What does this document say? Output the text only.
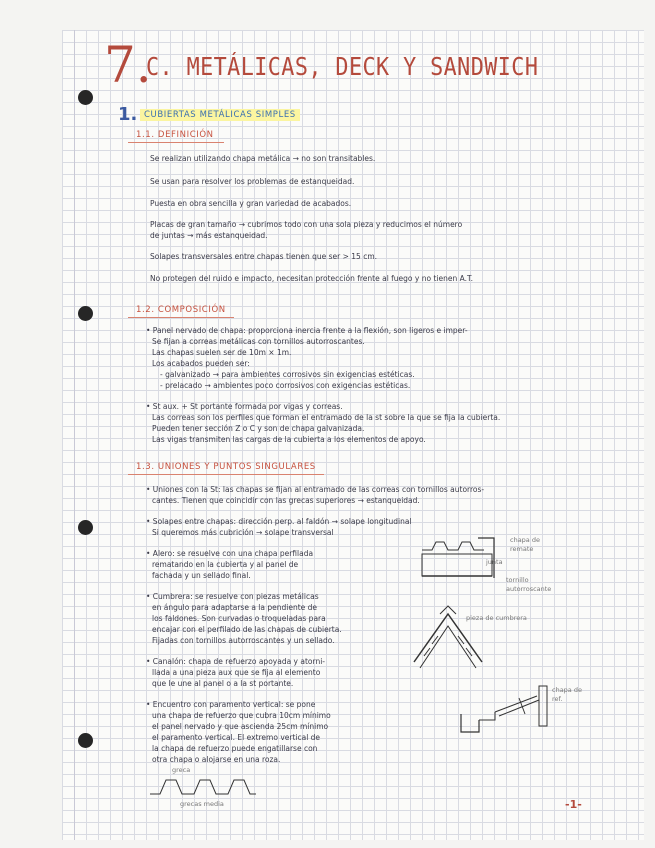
7.
C. METÁLICAS, DECK Y SANDWICH
1. CUBIERTAS METÁLICAS SIMPLES
1.1. DEFINICIÓN
Se realizan utilizando chapa metálica → no son transitables.
Se usan para resolver los problemas de estanqueidad.
Puesta en obra sencilla y gran variedad de acabados.
Placas de gran tamaño → cubrimos todo con una sola pieza y reducimos el número
de juntas → más estanqueidad.
Solapes transversales entre chapas tienen que ser > 15 cm.
No protegen del ruido e impacto, necesitan protección frente al fuego y no tienen A.T.
1.2. COMPOSICIÓN
• Panel nervado de chapa: proporciona inercia frente a la flexión, son ligeros e imper-
Se fijan a correas metálicas con tornillos autorroscantes.
Las chapas suelen ser de 10m × 1m.
Los acabados pueden ser:
- galvanizado → para ambientes corrosivos sin exigencias estéticas.
- prelacado → ambientes poco corrosivos con exigencias estéticas.
• St aux. + St portante formada por vigas y correas.
Las correas son los perfiles que forman el entramado de la st sobre la que se fija la cubierta.
Pueden tener sección Z o C y son de chapa galvanizada.
Las vigas transmiten las cargas de la cubierta a los elementos de apoyo.
1.3. UNIONES Y PUNTOS SINGULARES
• Uniones con la St: las chapas se fijan al entramado de las correas con tornillos autorros-
cantes. Tienen que coincidir con las grecas superiores → estanqueidad.
• Solapes entre chapas: dirección perp. al faldón → solape longitudinal
Si queremos más cubrición → solape transversal
• Alero: se resuelve con una chapa perfilada
rematando en la cubierta y al panel de
fachada y un sellado final.
• Cumbrera: se resuelve con piezas metálicas
en ángulo para adaptarse a la pendiente de
los faldones. Son curvadas o troqueladas para
encajar con el perfilado de las chapas de cubierta.
Fijadas con tornillos autorroscantes y un sellado.
• Canalón: chapa de refuerzo apoyada y atorni-
llada a una pieza aux que se fija al elemento
que le une al panel o a la st portante.
• Encuentro con paramento vertical: se pone
una chapa de refuerzo que cubra 10cm mínimo
el panel nervado y que ascienda 25cm mínimo
el paramento vertical. El extremo vertical de
la chapa de refuerzo puede engatillarse con
otra chapa o alojarse en una roza.
chapa de
remate
junta
tornillo
autorroscante
pieza de cumbrera
chapa de
ref.
greca
grecas media	-1-
